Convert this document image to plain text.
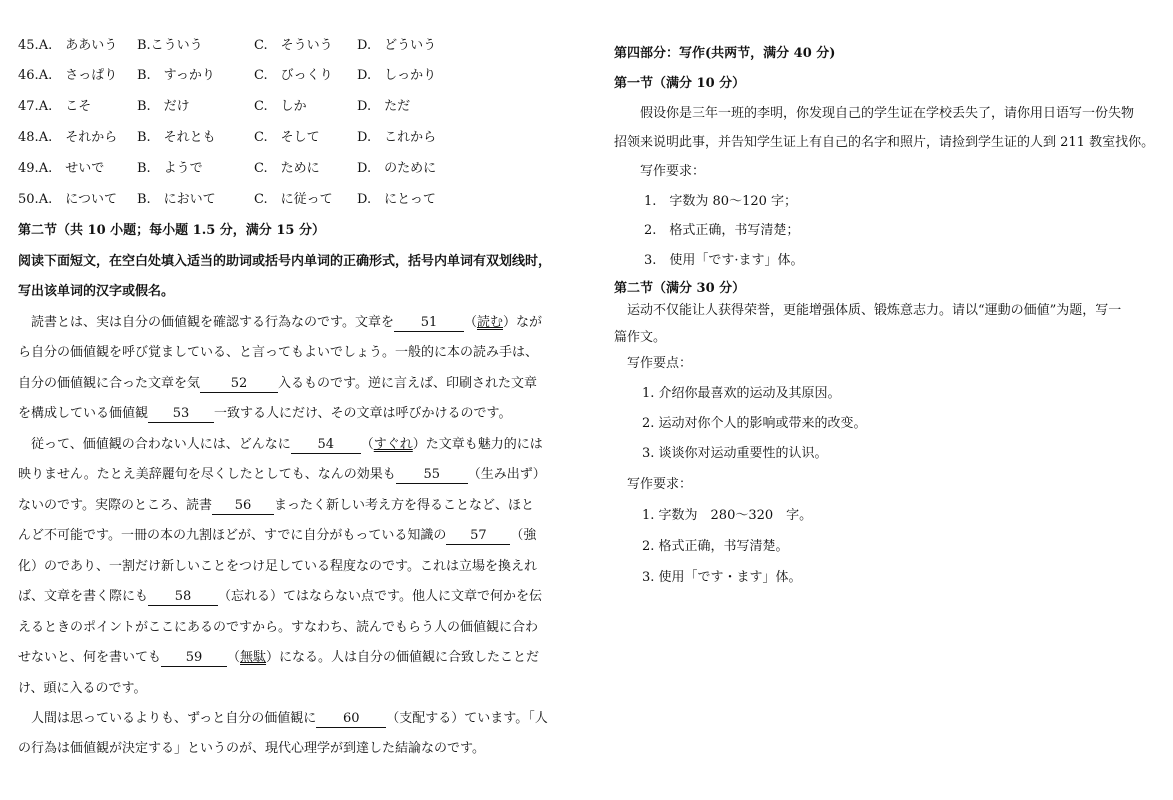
45.A.　ああいう B.こういう	C.　そういう D.　どういう
46.A.　さっぱり B.　すっかり	C.　びっくり D.　しっかり
47.A.　こそ	B.　だけ	C.　しか	D.　ただ
48.A.　それから B.　それとも	C.　そして	D.　これから
49.A.　せいで	B.　ようで	C.　ために	D.　のために
50.A.　について B.　において	C.　に従って D.　にとって
第二节（共 10 小题；每小题 1.5 分，满分 15 分）
阅读下面短文，在空白处填入适当的助词或括号内单词的正确形式，括号内单词有双划线时，
写出该单词的汉字或假名。
　読書とは、実は自分の価値観を確認する行為なのです。文章を 51 （読む）なが
ら自分の価値観を呼び覚ましている、と言ってもよいでしょう。一般的に本の読み手は、
自分の価値観に合った文章を気 52 入るものです。逆に言えば、印刷された文章
を構成している価値観 53 一致する人にだけ、その文章は呼びかけるのです。
　従って、価値観の合わない人には、どんなに 54 （すぐれ）た文章も魅力的には
映りません。たとえ美辞麗句を尽くしたとしても、なんの効果も 55 （生み出ず）
ないのです。実際のところ、読書 56 まったく新しい考え方を得ることなど、ほと
んど不可能です。一冊の本の九割ほどが、すでに自分がもっている知識の 57 （強
化）のであり、一割だけ新しいことをつけ足している程度なのです。これは立場を換えれ
ば、文章を書く際にも 58 （忘れる）てはならない点です。他人に文章で何かを伝
えるときのポイントがここにあるのですから。すなわち、読んでもらう人の価値観に合わ
せないと、何を書いても 59 （無駄）になる。人は自分の価値観に合致したことだ
け、頭に入るのです。
　人間は思っているよりも、ずっと自分の価値観に 60 （支配する）ています。「人
の行為は価値観が決定する」というのが、現代心理学が到達した結論なのです。
第四部分：写作(共两节，满分 40 分)
第一节（满分 10 分）
　　假设你是三年一班的李明，你发现自己的学生证在学校丢失了，请你用日语写一份失物
招领来说明此事，并告知学生证上有自己的名字和照片，请捡到学生证的人到 211 教室找你。
　　写作要求：
1.　字数为 80～120 字；
2.　格式正确，书写清楚；
3.　使用「です·ます」体。
第二节（满分 30 分）
　运动不仅能让人获得荣誉，更能增强体质、锻炼意志力。请以“運動の価値”为题，写一
篇作文。
　写作要点：
1. 介绍你最喜欢的运动及其原因。
2. 运动对你个人的影响或带来的改变。
3. 谈谈你对运动重要性的认识。
　写作要求：
1. 字数为　280～320　字。
2. 格式正确，书写清楚。
3. 使用「です・ます」体。
